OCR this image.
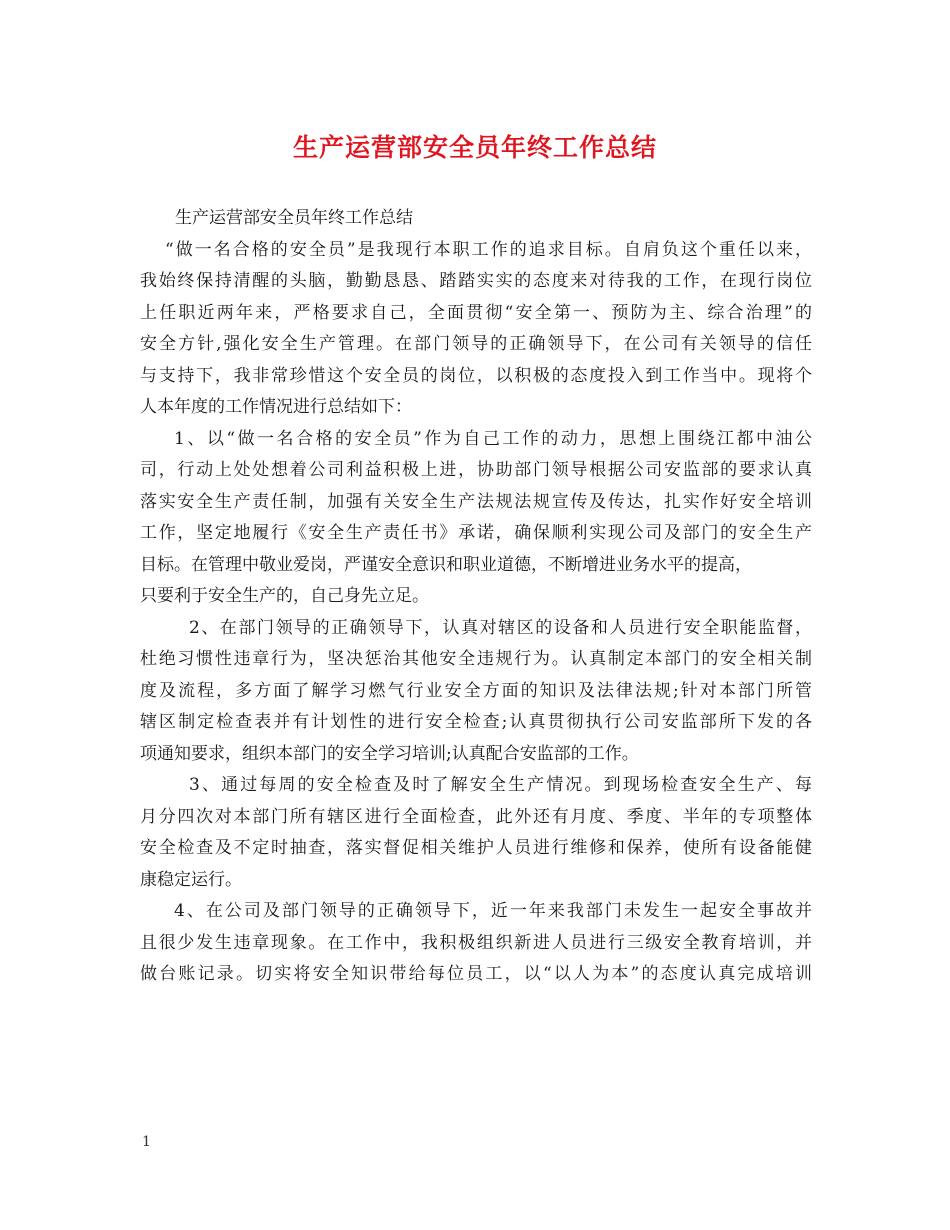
生产运营部安全员年终工作总结
生产运营部安全员年终工作总结
“做一名合格的安全员”是我现行本职工作的追求目标。自肩负这个重任以来，
我始终保持清醒的头脑，勤勤恳恳、踏踏实实的态度来对待我的工作，在现行岗位
上任职近两年来，严格要求自己，全面贯彻“安全第一、预防为主、综合治理”的
安全方针,强化安全生产管理。在部门领导的正确领导下，在公司有关领导的信任
与支持下，我非常珍惜这个安全员的岗位，以积极的态度投入到工作当中。现将个
人本年度的工作情况进行总结如下：
1、以“做一名合格的安全员”作为自己工作的动力，思想上围绕江都中油公
司，行动上处处想着公司利益积极上进，协助部门领导根据公司安监部的要求认真
落实安全生产责任制，加强有关安全生产法规法规宣传及传达，扎实作好安全培训
工作，坚定地履行《安全生产责任书》承诺，确保顺利实现公司及部门的安全生产
目标。在管理中敬业爱岗，严谨安全意识和职业道德，不断增进业务水平的提高，
只要利于安全生产的，自己身先立足。
2、在部门领导的正确领导下，认真对辖区的设备和人员进行安全职能监督，
杜绝习惯性违章行为，坚决惩治其他安全违规行为。认真制定本部门的安全相关制
度及流程，多方面了解学习燃气行业安全方面的知识及法律法规;针对本部门所管
辖区制定检查表并有计划性的进行安全检查;认真贯彻执行公司安监部所下发的各
项通知要求，组织本部门的安全学习培训;认真配合安监部的工作。
3、通过每周的安全检查及时了解安全生产情况。到现场检查安全生产、每
月分四次对本部门所有辖区进行全面检查，此外还有月度、季度、半年的专项整体
安全检查及不定时抽查，落实督促相关维护人员进行维修和保养，使所有设备能健
康稳定运行。
4、在公司及部门领导的正确领导下，近一年来我部门未发生一起安全事故并
且很少发生违章现象。在工作中，我积极组织新进人员进行三级安全教育培训，并
做台账记录。切实将安全知识带给每位员工，以“以人为本”的态度认真完成培训
1
